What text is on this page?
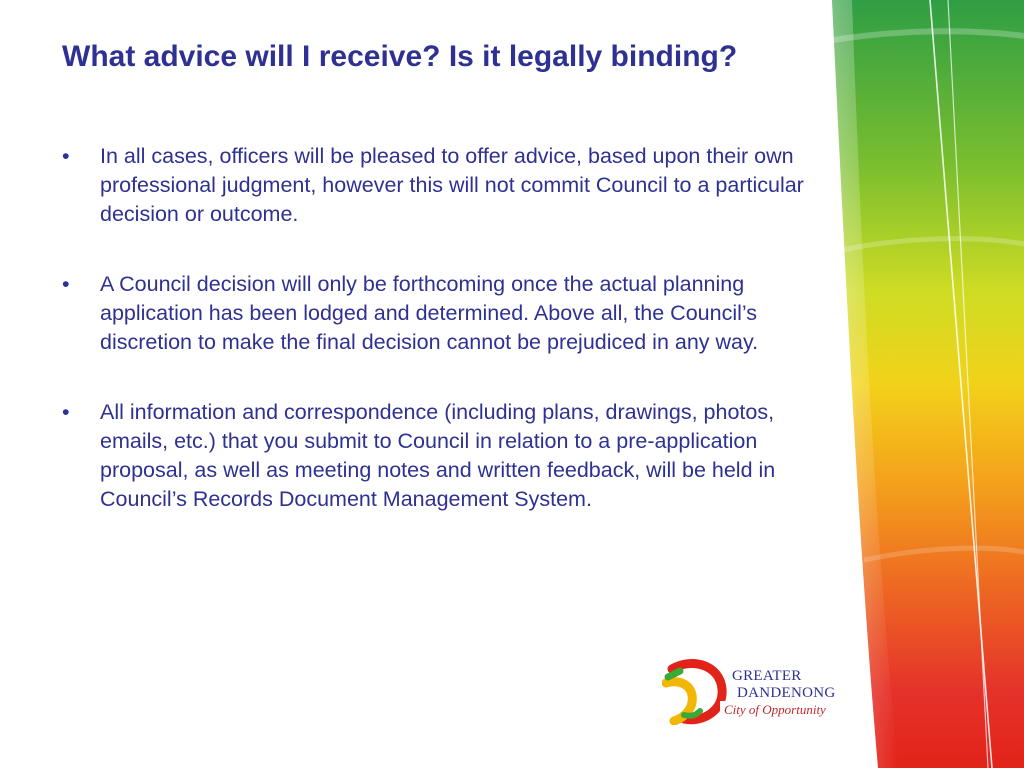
What advice will I receive? Is it legally binding?
•	In all cases, officers will be pleased to offer advice, based upon their own professional judgment, however this will not commit Council to a particular decision or outcome.
•	A Council decision will only be forthcoming once the actual planning application has been lodged and determined. Above all, the Council’s discretion to make the final decision cannot be prejudiced in any way.
•	All information and correspondence (including plans, drawings, photos, emails, etc.) that you submit to Council in relation to a pre-application proposal, as well as meeting notes and written feedback, will be held in Council’s Records Document Management System.
GREATER
DANDENONG
City of Opportunity
